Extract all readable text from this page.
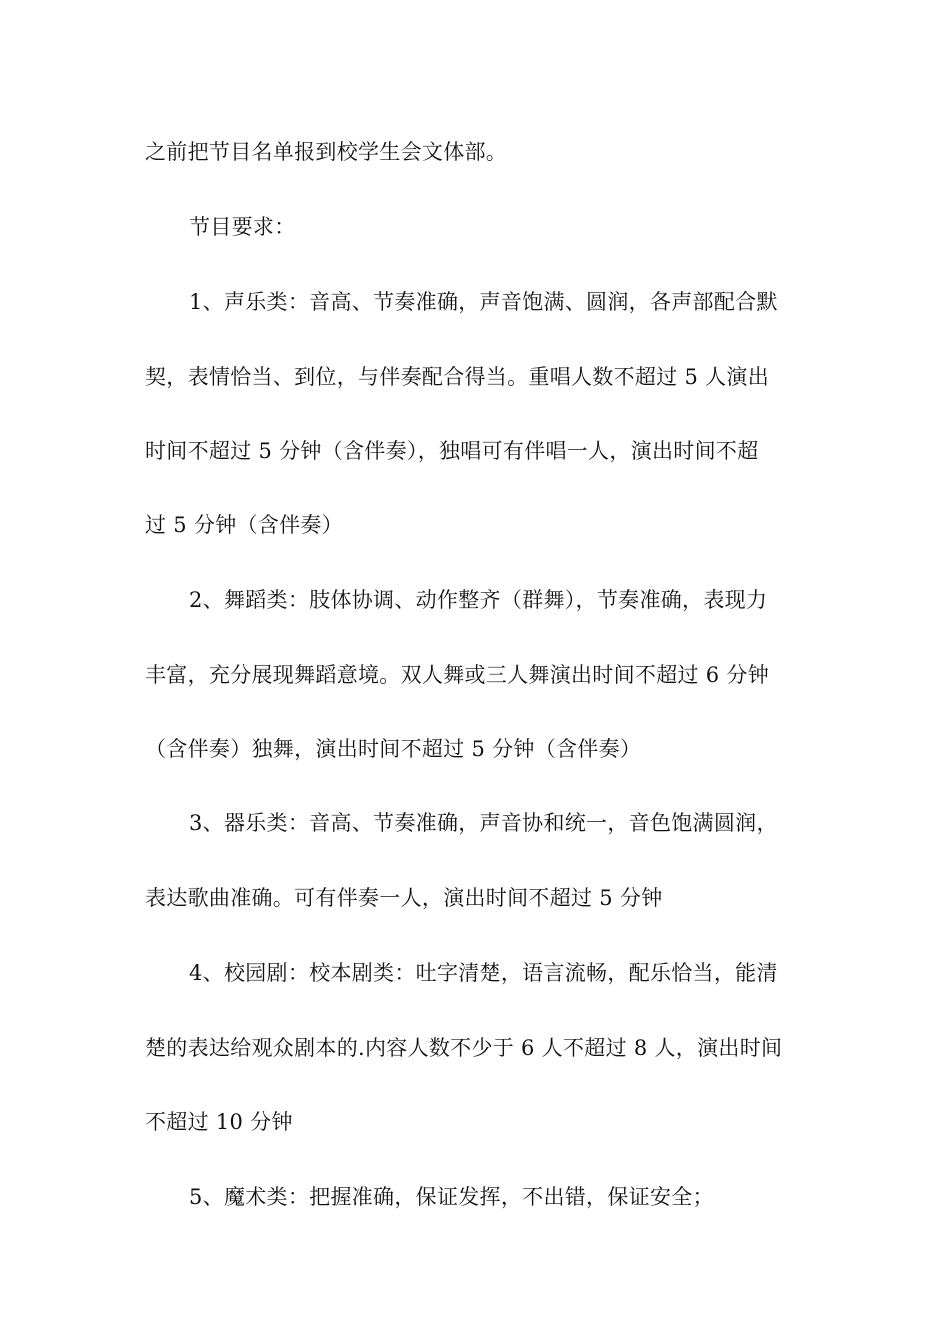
之前把节目名单报到校学生会文体部。
节目要求：
1、声乐类：音高、节奏准确，声音饱满、圆润，各声部配合默
契，表情恰当、到位，与伴奏配合得当。重唱人数不超过 5 人演出
时间不超过 5 分钟（含伴奏），独唱可有伴唱一人，演出时间不超
过 5 分钟（含伴奏）
2、舞蹈类：肢体协调、动作整齐（群舞），节奏准确，表现力
丰富，充分展现舞蹈意境。双人舞或三人舞演出时间不超过 6 分钟
（含伴奏）独舞，演出时间不超过 5 分钟（含伴奏）
3、器乐类：音高、节奏准确，声音协和统一，音色饱满圆润，
表达歌曲准确。可有伴奏一人，演出时间不超过 5 分钟
4、校园剧：校本剧类：吐字清楚，语言流畅，配乐恰当，能清
楚的表达给观众剧本的.内容人数不少于 6 人不超过 8 人，演出时间
不超过 10 分钟
5、魔术类：把握准确，保证发挥，不出错，保证安全；
